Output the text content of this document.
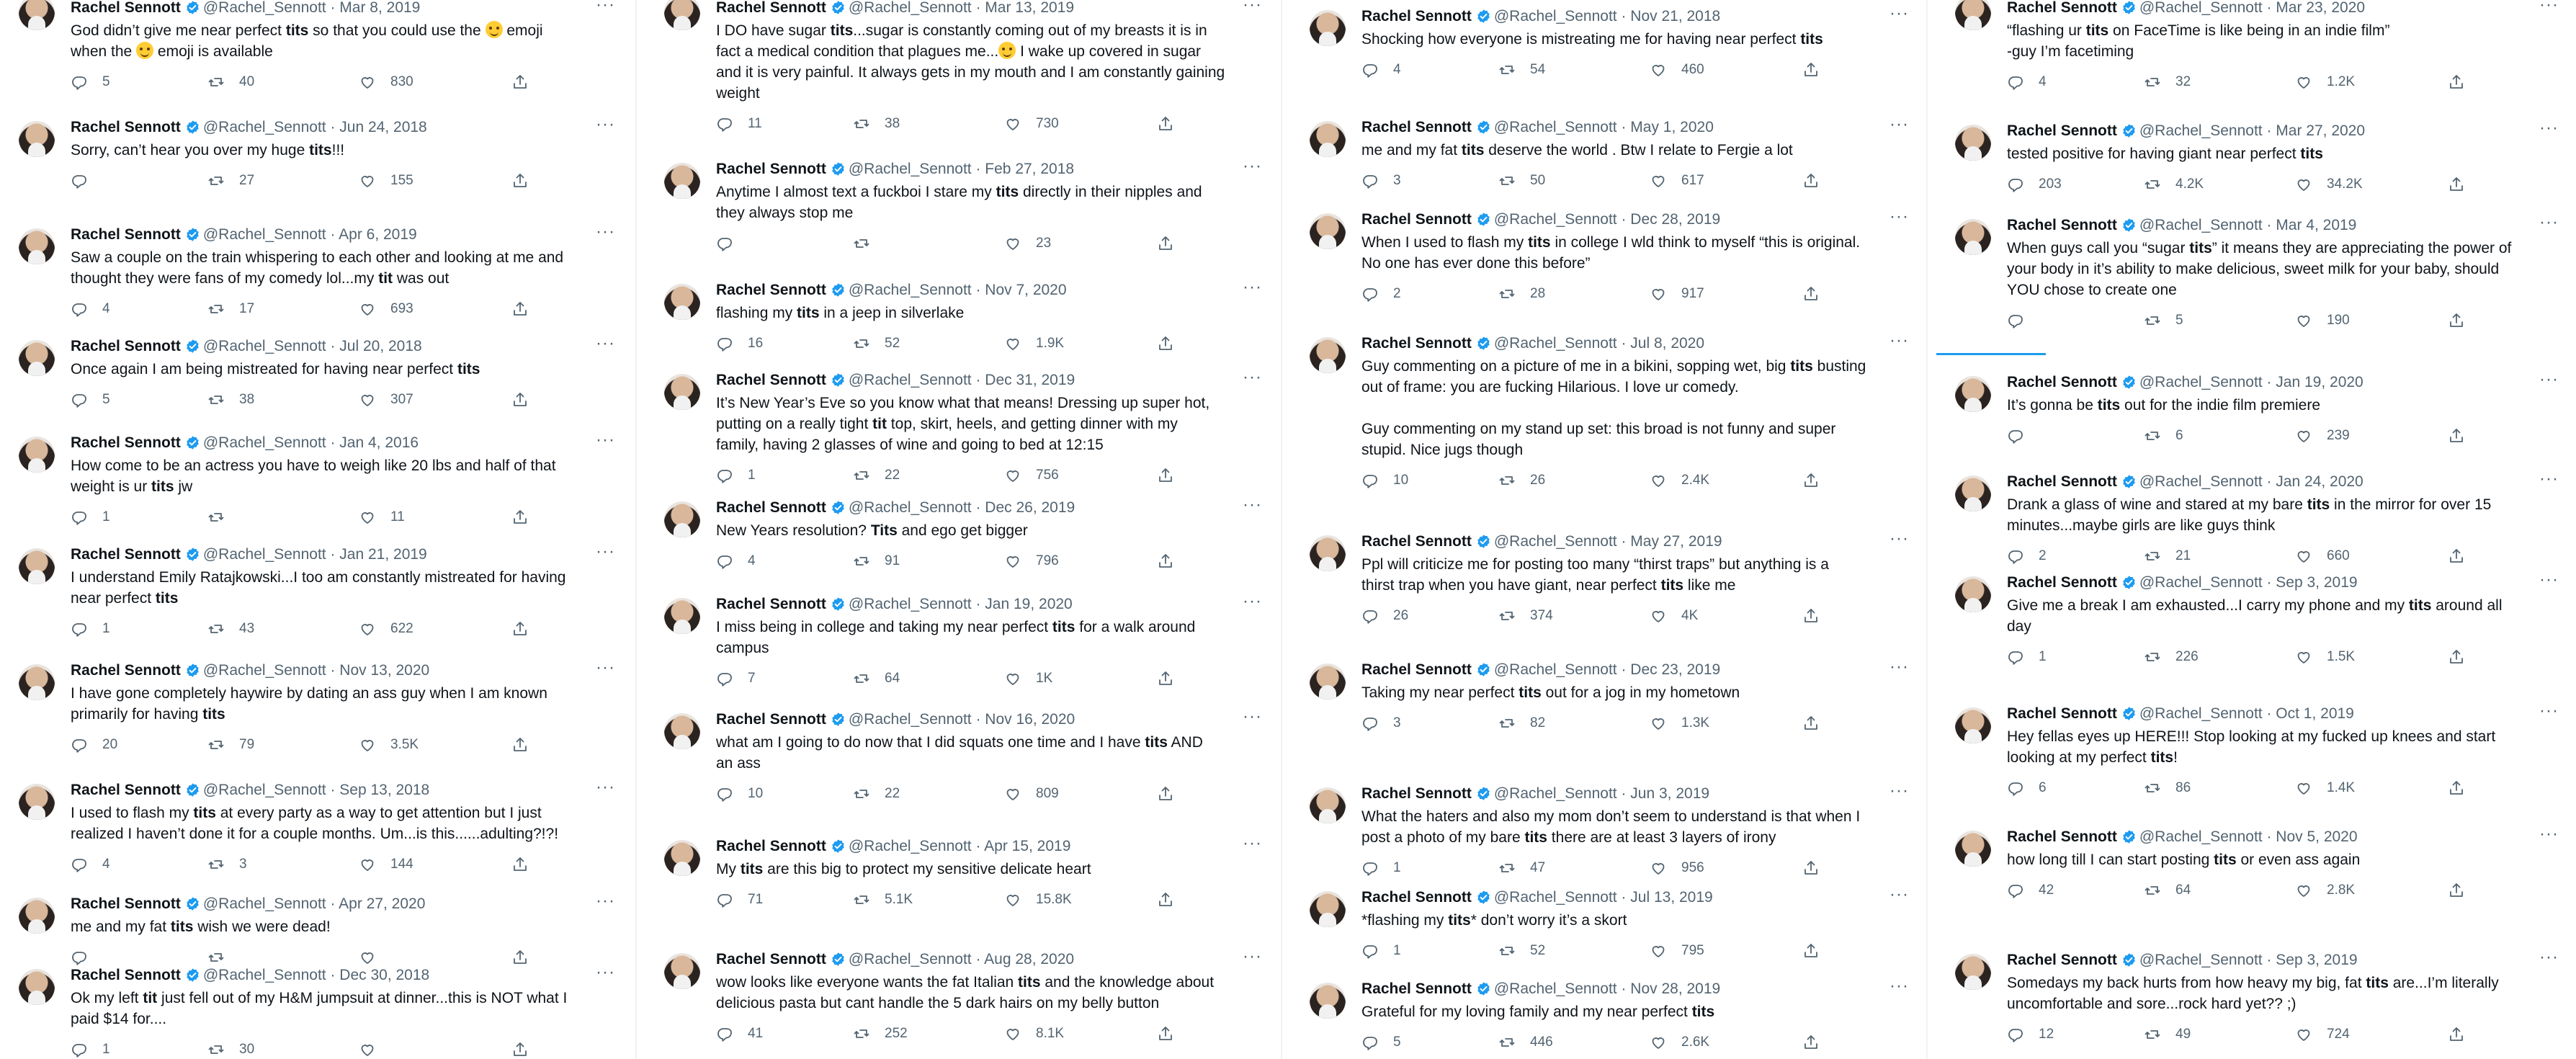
Rachel Sennott @Rachel_Sennott · Mar 8, 2019	···
God didn’t give me near perfect tits so that you could use the  emoji
when the  emoji is available
5	40	830
Rachel Sennott @Rachel_Sennott · Jun 24, 2018	···
Sorry, can’t hear you over my huge tits!!!
27	155
Rachel Sennott @Rachel_Sennott · Apr 6, 2019	···
Saw a couple on the train whispering to each other and looking at me and
thought they were fans of my comedy lol...my tit was out
4	17	693
Rachel Sennott @Rachel_Sennott · Jul 20, 2018	···
Once again I am being mistreated for having near perfect tits
5	38	307
Rachel Sennott @Rachel_Sennott · Jan 4, 2016	···
How come to be an actress you have to weigh like 20 lbs and half of that
weight is ur tits jw
1	11
Rachel Sennott @Rachel_Sennott · Jan 21, 2019	···
I understand Emily Ratajkowski...I too am constantly mistreated for having
near perfect tits
1	43	622
Rachel Sennott @Rachel_Sennott · Nov 13, 2020	···
I have gone completely haywire by dating an ass guy when I am known
primarily for having tits
20	79	3.5K
Rachel Sennott @Rachel_Sennott · Sep 13, 2018	···
I used to flash my tits at every party as a way to get attention but I just
realized I haven’t done it for a couple months. Um...is this......adulting?!?!
4	3	144
Rachel Sennott @Rachel_Sennott · Apr 27, 2020	···
me and my fat tits wish we were dead!
Rachel Sennott @Rachel_Sennott · Dec 30, 2018	···
Ok my left tit just fell out of my H&M jumpsuit at dinner...this is NOT what I
paid $14 for....
1	30
Rachel Sennott @Rachel_Sennott · Mar 13, 2019	···
I DO have sugar tits...sugar is constantly coming out of my breasts it is in
fact a medical condition that plagues me... I wake up covered in sugar
and it is very painful. It always gets in my mouth and I am constantly gaining
weight
11	38	730
Rachel Sennott @Rachel_Sennott · Feb 27, 2018	···
Anytime I almost text a fuckboi I stare my tits directly in their nipples and
they always stop me
23
Rachel Sennott @Rachel_Sennott · Nov 7, 2020	···
flashing my tits in a jeep in silverlake
16	52	1.9K
Rachel Sennott @Rachel_Sennott · Dec 31, 2019	···
It’s New Year’s Eve so you know what that means! Dressing up super hot,
putting on a really tight tit top, skirt, heels, and getting dinner with my
family, having 2 glasses of wine and going to bed at 12:15
1	22	756
Rachel Sennott @Rachel_Sennott · Dec 26, 2019	···
New Years resolution? Tits and ego get bigger
4	91	796
Rachel Sennott @Rachel_Sennott · Jan 19, 2020	···
I miss being in college and taking my near perfect tits for a walk around
campus
7	64	1K
Rachel Sennott @Rachel_Sennott · Nov 16, 2020	···
what am I going to do now that I did squats one time and I have tits AND
an ass
10	22	809
Rachel Sennott @Rachel_Sennott · Apr 15, 2019	···
My tits are this big to protect my sensitive delicate heart
71	5.1K	15.8K
Rachel Sennott @Rachel_Sennott · Aug 28, 2020	···
wow looks like everyone wants the fat Italian tits and the knowledge about
delicious pasta but cant handle the 5 dark hairs on my belly button
41	252	8.1K
Rachel Sennott @Rachel_Sennott · Nov 21, 2018	···
Shocking how everyone is mistreating me for having near perfect tits
4	54	460
Rachel Sennott @Rachel_Sennott · May 1, 2020	···
me and my fat tits deserve the world . Btw I relate to Fergie a lot
3	50	617
Rachel Sennott @Rachel_Sennott · Dec 28, 2019	···
When I used to flash my tits in college I wld think to myself “this is original.
No one has ever done this before”
2	28	917
Rachel Sennott @Rachel_Sennott · Jul 8, 2020	···
Guy commenting on a picture of me in a bikini, sopping wet, big tits busting
out of frame: you are fucking Hilarious. I love ur comedy.

Guy commenting on my stand up set: this broad is not funny and super
stupid. Nice jugs though
10	26	2.4K
Rachel Sennott @Rachel_Sennott · May 27, 2019	···
Ppl will criticize me for posting too many “thirst traps” but anything is a
thirst trap when you have giant, near perfect tits like me
26	374	4K
Rachel Sennott @Rachel_Sennott · Dec 23, 2019	···
Taking my near perfect tits out for a jog in my hometown
3	82	1.3K
Rachel Sennott @Rachel_Sennott · Jun 3, 2019	···
What the haters and also my mom don’t seem to understand is that when I
post a photo of my bare tits there are at least 3 layers of irony
1	47	956
Rachel Sennott @Rachel_Sennott · Jul 13, 2019	···
*flashing my tits* don’t worry it’s a skort
1	52	795
Rachel Sennott @Rachel_Sennott · Nov 28, 2019	···
Grateful for my loving family and my near perfect tits
5	446	2.6K
Rachel Sennott @Rachel_Sennott · Mar 23, 2020	···
“flashing ur tits on FaceTime is like being in an indie film”
-guy I’m facetiming
4	32	1.2K
Rachel Sennott @Rachel_Sennott · Mar 27, 2020	···
tested positive for having giant near perfect tits
203	4.2K	34.2K
Rachel Sennott @Rachel_Sennott · Mar 4, 2019	···
When guys call you “sugar tits” it means they are appreciating the power of
your body in it’s ability to make delicious, sweet milk for your baby, should
YOU chose to create one
5	190
Rachel Sennott @Rachel_Sennott · Jan 19, 2020	···
It’s gonna be tits out for the indie film premiere
6	239
Rachel Sennott @Rachel_Sennott · Jan 24, 2020	···
Drank a glass of wine and stared at my bare tits in the mirror for over 15
minutes...maybe girls are like guys think
2	21	660
Rachel Sennott @Rachel_Sennott · Sep 3, 2019	···
Give me a break I am exhausted...I carry my phone and my tits around all
day
1	226	1.5K
Rachel Sennott @Rachel_Sennott · Oct 1, 2019	···
Hey fellas eyes up HERE!!! Stop looking at my fucked up knees and start
looking at my perfect tits!
6	86	1.4K
Rachel Sennott @Rachel_Sennott · Nov 5, 2020	···
how long till I can start posting tits or even ass again
42	64	2.8K
Rachel Sennott @Rachel_Sennott · Sep 3, 2019	···
Somedays my back hurts from how heavy my big, fat tits are...I’m literally
uncomfortable and sore...rock hard yet?? ;)
12	49	724
